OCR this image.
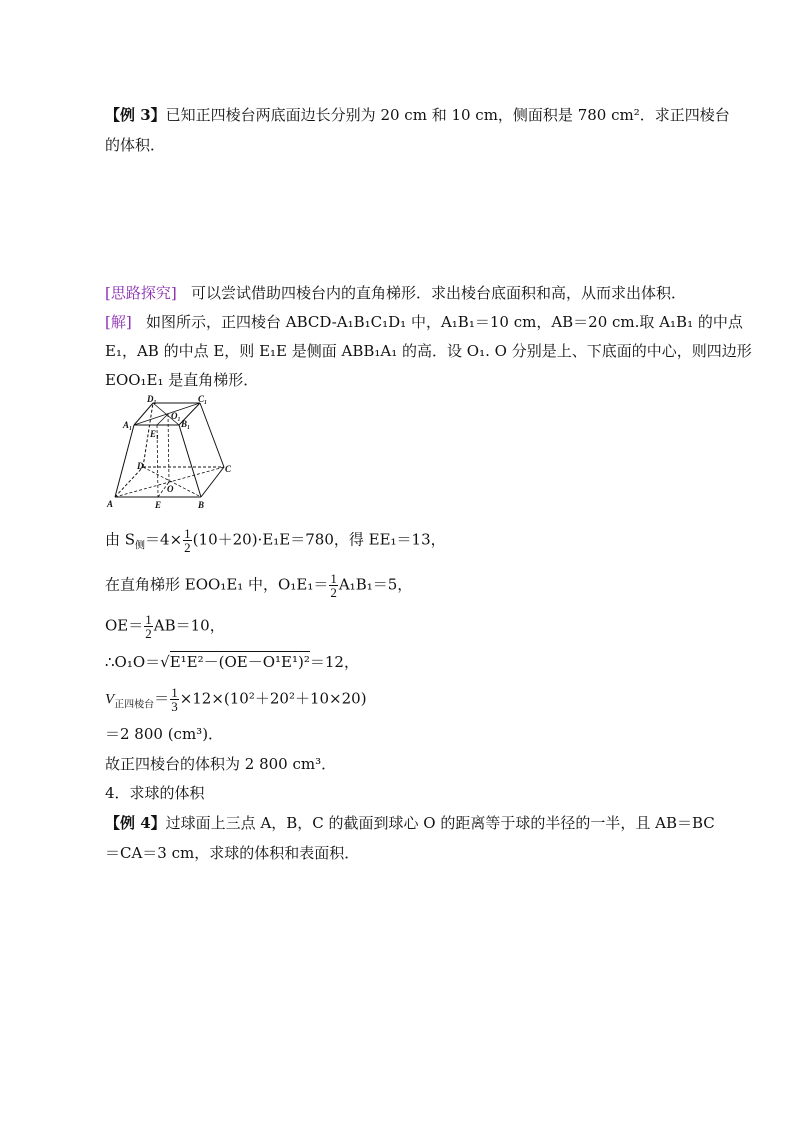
【例 3】已知正四棱台两底面边长分别为 20 cm 和 10 cm，侧面积是 780 cm²．求正四棱台
的体积．
[思路探究] 可以尝试借助四棱台内的直角梯形．求出棱台底面积和高，从而求出体积．
[解] 如图所示，正四棱台 ABCD-A₁B₁C₁D₁ 中，A₁B₁＝10 cm，AB＝20 cm.取 A₁B₁ 的中点
E₁，AB 的中点 E，则 E₁E 是侧面 ABB₁A₁ 的高．设 O₁. O 分别是上、下底面的中心，则四边形
EOO₁E₁ 是直角梯形．
D₁	C₁
A₁	B₁
E₁
O₁
D	C
A	E
O
B
由 $S_侧=4\times \frac{1}{2} (10+20)\cdot E_1E=780$，得 EE₁＝13，
在直角梯形 EOO₁E₁ 中，$O_1E_1= \frac{1}{2} A_1B_1=5$，
$OE= \frac{1}{2} AB=10$，
∴O₁O＝√E¹E²－(OE－O¹E¹)²＝12，
$V_{正四棱台}= \frac{1}{3} \times 12\times(10^2+20^2+10\times 20)$
＝2 800 (cm³)．
故正四棱台的体积为 2 800 cm³．
4．求球的体积
【例 4】过球面上三点 A，B，C 的截面到球心 O 的距离等于球的半径的一半，且 AB＝BC
＝CA＝3 cm，求球的体积和表面积．
